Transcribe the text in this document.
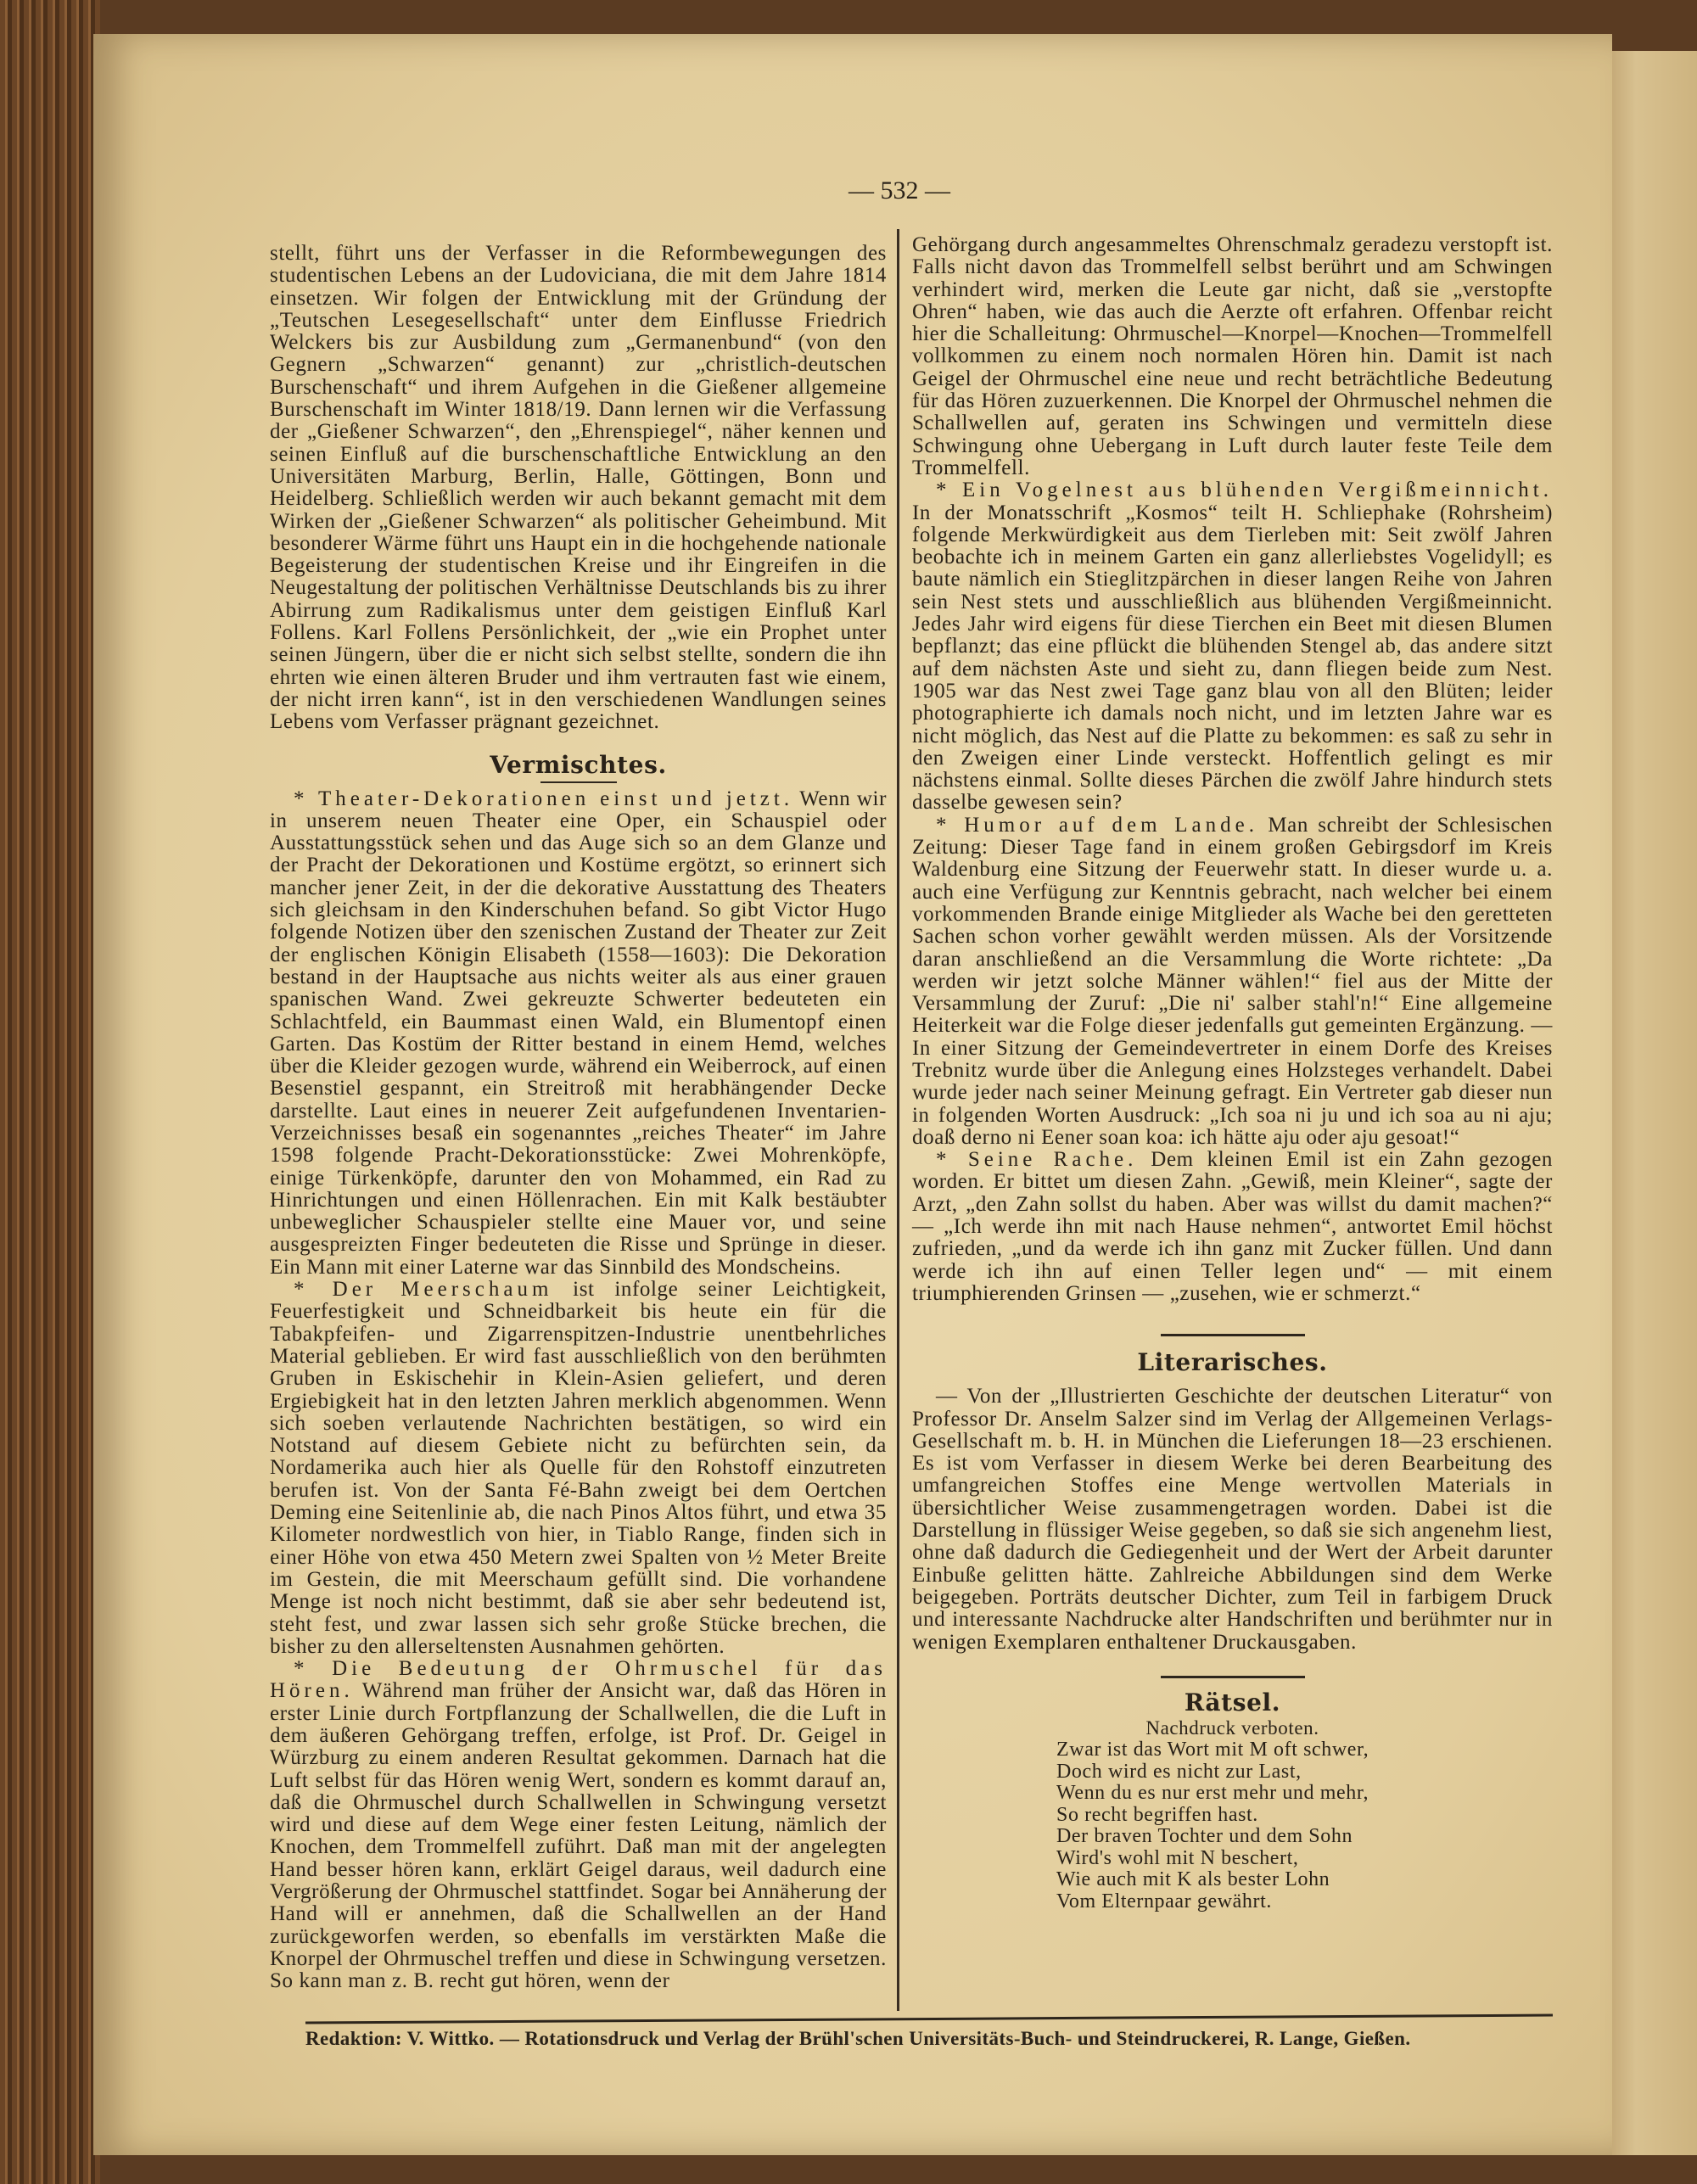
— 532 —

stellt, führt uns der Verfasser in die Reformbewegungen des studentischen Lebens an der Ludoviciana, die mit dem Jahre 1814 einsetzen. Wir folgen der Entwicklung mit der Gründung der „Teutschen Lesegesellschaft“ unter dem Einflusse Friedrich Welckers bis zur Ausbildung zum „Germanenbund“ (von den Gegnern „Schwarzen“ genannt) zur „christlich-deutschen Burschenschaft“ und ihrem Aufgehen in die Gießener allgemeine Burschenschaft im Winter 1818/19. Dann lernen wir die Verfassung der „Gießener Schwarzen“, den „Ehrenspiegel“, näher kennen und seinen Einfluß auf die burschenschaftliche Entwicklung an den Universitäten Marburg, Berlin, Halle, Göttingen, Bonn und Heidelberg. Schließlich werden wir auch bekannt gemacht mit dem Wirken der „Gießener Schwarzen“ als politischer Geheimbund. Mit besonderer Wärme führt uns Haupt ein in die hochgehende nationale Begeisterung der studentischen Kreise und ihr Eingreifen in die Neugestaltung der politischen Verhältnisse Deutschlands bis zu ihrer Abirrung zum Radikalismus unter dem geistigen Einfluß Karl Follens. Karl Follens Persönlichkeit, der „wie ein Prophet unter seinen Jüngern, über die er nicht sich selbst stellte, sondern die ihn ehrten wie einen älteren Bruder und ihm vertrauten fast wie einem, der nicht irren kann“, ist in den verschiedenen Wandlungen seines Lebens vom Verfasser prägnant gezeichnet.

Vermischtes.

* Theater-Dekorationen einst und jetzt. Wenn wir in unserem neuen Theater eine Oper, ein Schauspiel oder Ausstattungsstück sehen und das Auge sich so an dem Glanze und der Pracht der Dekorationen und Kostüme ergötzt, so erinnert sich mancher jener Zeit, in der die dekorative Ausstattung des Theaters sich gleichsam in den Kinderschuhen befand. So gibt Victor Hugo folgende Notizen über den szenischen Zustand der Theater zur Zeit der englischen Königin Elisabeth (1558—1603): Die Dekoration bestand in der Hauptsache aus nichts weiter als aus einer grauen spanischen Wand. Zwei gekreuzte Schwerter bedeuteten ein Schlachtfeld, ein Baummast einen Wald, ein Blumentopf einen Garten. Das Kostüm der Ritter bestand in einem Hemd, welches über die Kleider gezogen wurde, während ein Weiberrock, auf einen Besenstiel gespannt, ein Streitroß mit herabhängender Decke darstellte. Laut eines in neuerer Zeit aufgefundenen Inventarien-Verzeichnisses besaß ein sogenanntes „reiches Theater“ im Jahre 1598 folgende Pracht-Dekorationsstücke: Zwei Mohrenköpfe, einige Türkenköpfe, darunter den von Mohammed, ein Rad zu Hinrichtungen und einen Höllenrachen. Ein mit Kalk bestäubter unbeweglicher Schauspieler stellte eine Mauer vor, und seine ausgespreizten Finger bedeuteten die Risse und Sprünge in dieser. Ein Mann mit einer Laterne war das Sinnbild des Mondscheins.

* Der Meerschaum ist infolge seiner Leichtigkeit, Feuerfestigkeit und Schneidbarkeit bis heute ein für die Tabakpfeifen- und Zigarrenspitzen-Industrie unentbehrliches Material geblieben. Er wird fast ausschließlich von den berühmten Gruben in Eskischehir in Klein-Asien geliefert, und deren Ergiebigkeit hat in den letzten Jahren merklich abgenommen. Wenn sich soeben verlautende Nachrichten bestätigen, so wird ein Notstand auf diesem Gebiete nicht zu befürchten sein, da Nordamerika auch hier als Quelle für den Rohstoff einzutreten berufen ist. Von der Santa Fé-Bahn zweigt bei dem Oertchen Deming eine Seitenlinie ab, die nach Pinos Altos führt, und etwa 35 Kilometer nordwestlich von hier, in Tiablo Range, finden sich in einer Höhe von etwa 450 Metern zwei Spalten von ½ Meter Breite im Gestein, die mit Meerschaum gefüllt sind. Die vorhandene Menge ist noch nicht bestimmt, daß sie aber sehr bedeutend ist, steht fest, und zwar lassen sich sehr große Stücke brechen, die bisher zu den allerseltensten Ausnahmen gehörten.

* Die Bedeutung der Ohrmuschel für das Hören. Während man früher der Ansicht war, daß das Hören in erster Linie durch Fortpflanzung der Schallwellen, die die Luft in dem äußeren Gehörgang treffen, erfolge, ist Prof. Dr. Geigel in Würzburg zu einem anderen Resultat gekommen. Darnach hat die Luft selbst für das Hören wenig Wert, sondern es kommt darauf an, daß die Ohrmuschel durch Schallwellen in Schwingung versetzt wird und diese auf dem Wege einer festen Leitung, nämlich der Knochen, dem Trommelfell zuführt. Daß man mit der angelegten Hand besser hören kann, erklärt Geigel daraus, weil dadurch eine Vergrößerung der Ohrmuschel stattfindet. Sogar bei Annäherung der Hand will er annehmen, daß die Schallwellen an der Hand zurückgeworfen werden, so ebenfalls im verstärkten Maße die Knorpel der Ohrmuschel treffen und diese in Schwingung versetzen. So kann man z. B. recht gut hören, wenn der

Gehörgang durch angesammeltes Ohrenschmalz geradezu verstopft ist. Falls nicht davon das Trommelfell selbst berührt und am Schwingen verhindert wird, merken die Leute gar nicht, daß sie „verstopfte Ohren“ haben, wie das auch die Aerzte oft erfahren. Offenbar reicht hier die Schalleitung: Ohrmuschel—Knorpel—Knochen—Trommelfell vollkommen zu einem noch normalen Hören hin. Damit ist nach Geigel der Ohrmuschel eine neue und recht beträchtliche Bedeutung für das Hören zuzuerkennen. Die Knorpel der Ohrmuschel nehmen die Schallwellen auf, geraten ins Schwingen und vermitteln diese Schwingung ohne Uebergang in Luft durch lauter feste Teile dem Trommelfell.

* Ein Vogelnest aus blühenden Vergißmeinnicht. In der Monatsschrift „Kosmos“ teilt H. Schliephake (Rohrsheim) folgende Merkwürdigkeit aus dem Tierleben mit: Seit zwölf Jahren beobachte ich in meinem Garten ein ganz allerliebstes Vogelidyll; es baute nämlich ein Stieglitzpärchen in dieser langen Reihe von Jahren sein Nest stets und ausschließlich aus blühenden Vergißmeinnicht. Jedes Jahr wird eigens für diese Tierchen ein Beet mit diesen Blumen bepflanzt; das eine pflückt die blühenden Stengel ab, das andere sitzt auf dem nächsten Aste und sieht zu, dann fliegen beide zum Nest. 1905 war das Nest zwei Tage ganz blau von all den Blüten; leider photographierte ich damals noch nicht, und im letzten Jahre war es nicht möglich, das Nest auf die Platte zu bekommen: es saß zu sehr in den Zweigen einer Linde versteckt. Hoffentlich gelingt es mir nächstens einmal. Sollte dieses Pärchen die zwölf Jahre hindurch stets dasselbe gewesen sein?

* Humor auf dem Lande. Man schreibt der Schlesischen Zeitung: Dieser Tage fand in einem großen Gebirgsdorf im Kreis Waldenburg eine Sitzung der Feuerwehr statt. In dieser wurde u. a. auch eine Verfügung zur Kenntnis gebracht, nach welcher bei einem vorkommenden Brande einige Mitglieder als Wache bei den geretteten Sachen schon vorher gewählt werden müssen. Als der Vorsitzende daran anschließend an die Versammlung die Worte richtete: „Da werden wir jetzt solche Männer wählen!“ fiel aus der Mitte der Versammlung der Zuruf: „Die ni' salber stahl'n!“ Eine allgemeine Heiterkeit war die Folge dieser jedenfalls gut gemeinten Ergänzung. — In einer Sitzung der Gemeindevertreter in einem Dorfe des Kreises Trebnitz wurde über die Anlegung eines Holzsteges verhandelt. Dabei wurde jeder nach seiner Meinung gefragt. Ein Vertreter gab dieser nun in folgenden Worten Ausdruck: „Ich soa ni ju und ich soa au ni aju; doaß derno ni Eener soan koa: ich hätte aju oder aju gesoat!“

* Seine Rache. Dem kleinen Emil ist ein Zahn gezogen worden. Er bittet um diesen Zahn. „Gewiß, mein Kleiner“, sagte der Arzt, „den Zahn sollst du haben. Aber was willst du damit machen?“ — „Ich werde ihn mit nach Hause nehmen“, antwortet Emil höchst zufrieden, „und da werde ich ihn ganz mit Zucker füllen. Und dann werde ich ihn auf einen Teller legen und“ — mit einem triumphierenden Grinsen — „zusehen, wie er schmerzt.“

Literarisches.

— Von der „Illustrierten Geschichte der deutschen Literatur“ von Professor Dr. Anselm Salzer sind im Verlag der Allgemeinen Verlags-Gesellschaft m. b. H. in München die Lieferungen 18—23 erschienen. Es ist vom Verfasser in diesem Werke bei deren Bearbeitung des umfangreichen Stoffes eine Menge wertvollen Materials in übersichtlicher Weise zusammengetragen worden. Dabei ist die Darstellung in flüssiger Weise gegeben, so daß sie sich angenehm liest, ohne daß dadurch die Gediegenheit und der Wert der Arbeit darunter Einbuße gelitten hätte. Zahlreiche Abbildungen sind dem Werke beigegeben. Porträts deutscher Dichter, zum Teil in farbigem Druck und interessante Nachdrucke alter Handschriften und berühmter nur in wenigen Exemplaren enthaltener Druckausgaben.

Rätsel.
Nachdruck verboten.
Zwar ist das Wort mit M oft schwer,
Doch wird es nicht zur Last,
Wenn du es nur erst mehr und mehr,
So recht begriffen hast.
Der braven Tochter und dem Sohn
Wird's wohl mit N beschert,
Wie auch mit K als bester Lohn
Vom Elternpaar gewährt.
Redaktion: V. Wittko. — Rotationsdruck und Verlag der Brühl'schen Universitäts-Buch- und Steindruckerei, R. Lange, Gießen.
